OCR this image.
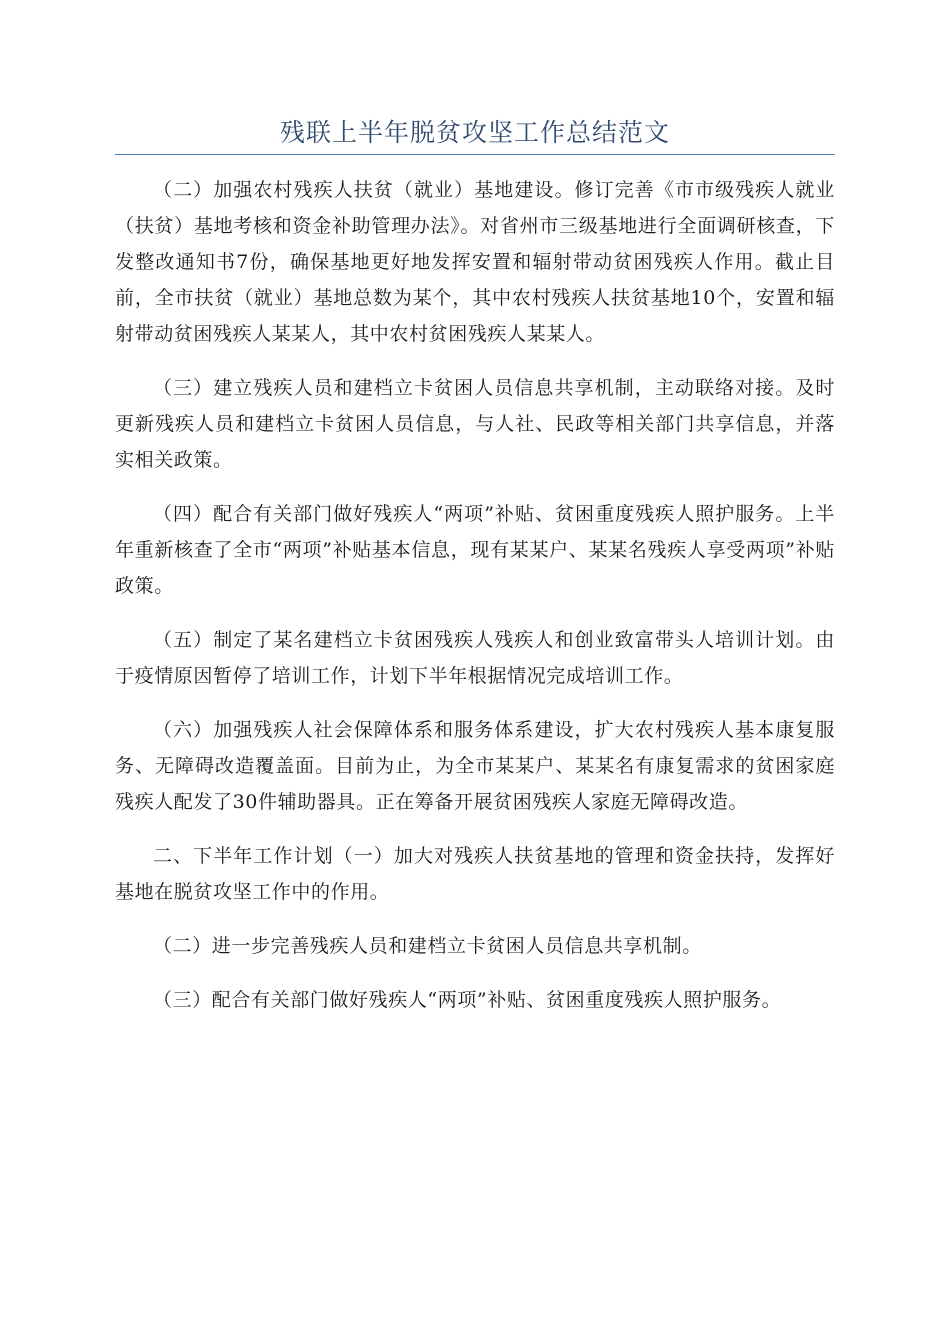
残联上半年脱贫攻坚工作总结范文

（二）加强农村残疾人扶贫（就业）基地建设。修订完善《市市级残疾人就业（扶贫）基地考核和资金补助管理办法》。对省州市三级基地进行全面调研核查，下发整改通知书7份，确保基地更好地发挥安置和辐射带动贫困残疾人作用。截止目前，全市扶贫（就业）基地总数为某个，其中农村残疾人扶贫基地10个，安置和辐射带动贫困残疾人某某人，其中农村贫困残疾人某某人。

（三）建立残疾人员和建档立卡贫困人员信息共享机制，主动联络对接。及时更新残疾人员和建档立卡贫困人员信息，与人社、民政等相关部门共享信息，并落实相关政策。

（四）配合有关部门做好残疾人“两项”补贴、贫困重度残疾人照护服务。上半年重新核查了全市“两项”补贴基本信息，现有某某户、某某名残疾人享受两项”补贴政策。

（五）制定了某名建档立卡贫困残疾人残疾人和创业致富带头人培训计划。由于疫情原因暂停了培训工作，计划下半年根据情况完成培训工作。

（六）加强残疾人社会保障体系和服务体系建设，扩大农村残疾人基本康复服务、无障碍改造覆盖面。目前为止，为全市某某户、某某名有康复需求的贫困家庭残疾人配发了30件辅助器具。正在筹备开展贫困残疾人家庭无障碍改造。

二、下半年工作计划（一）加大对残疾人扶贫基地的管理和资金扶持，发挥好基地在脱贫攻坚工作中的作用。

（二）进一步完善残疾人员和建档立卡贫困人员信息共享机制。

（三）配合有关部门做好残疾人“两项”补贴、贫困重度残疾人照护服务。
